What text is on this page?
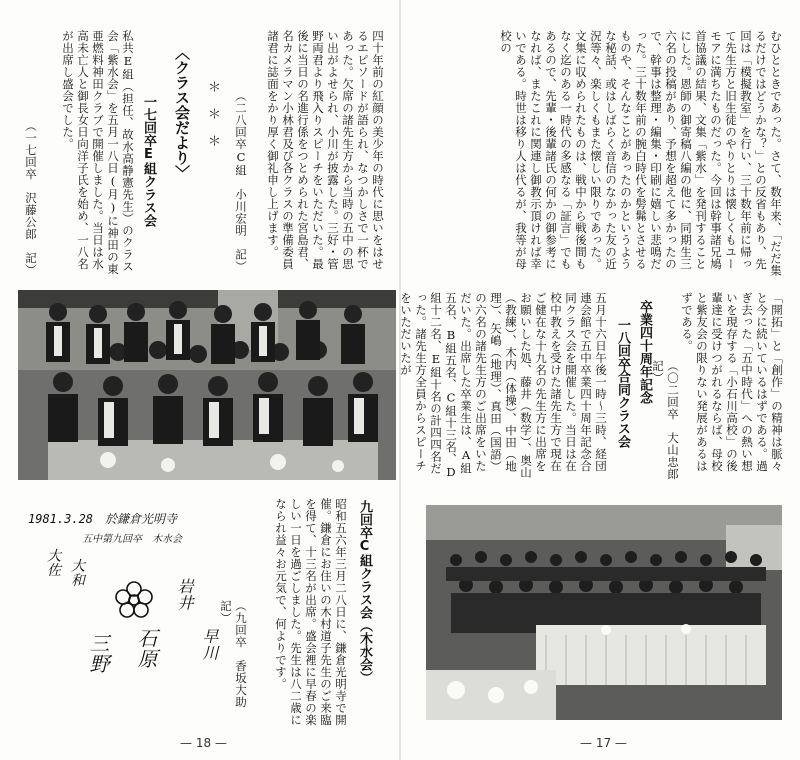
四十年前の紅顔の美少年の時代に思いをはせるエピソードが語られ、なつかしさで一杯であった。欠席の諸先生方から当時の五中の思い出がよせられ、小川が披露した。三好・管野両君より飛入りスピーチをいただいた。最後に当日の名進行係をつとめられた宮島君、名カメラマン小林君及び各クラスの準備委員諸君に誌面をかり厚く御礼申し上げます。
（二八回卒C組　小川宏明　記）
＊　＊　＊
〈クラス会だより〉
一七回卒E組クラス会
私共E組（担任、故水高静憲先生）のクラス会「紫水会」を五月一八日(月)に神田の東亜燃料神田クラブで開催しました。当日は水高未亡人と御長女日向洋子氏を始め、一八名が出席し盛会でした。
（一七回卒　沢藤公郎　記）
1981.3.28　於鎌倉光明寺
五中第九回卒　木水会
石原
三野
大佐 大和
岩井
早川	九回卒C組クラス会（木水会）
昭和五六年三月二八日に、鎌倉光明寺で開催。鎌倉にお住いの木村道子先生のご来臨を得て、十三名が出席。盛会裡に早春の楽しい一日を過ごしました。先生は八二歳になられ益々お元気で、何よりです。
（九回卒　香坂大助　記）
— 18 —
むひとときであった。さて、数年来、「だだ集るだけではどうかな？」との反省もあり、先回は「模擬教室」を行い、三十数年前に帰って先生方と旧生徒のやりとりは懐しくもユーモアに満ちたものだった。今回は幹事諸兄鳩首協議の結果、文集「紫水」を発刊することにした。恩師の御寄稿八編の他に、同期生三六名の投稿があり、予想を超えて多かったので、幹事は整理・編集・印刷に嬉しい悲鳴だった。三十数年前の腕白時代を髣髴とさせるものや、そんなことがあったのかというような秘話、或はしばらく音信のなかった友の近況等々、楽しくもまた懐しい限りであった。文集に収められたものは、戦中から戦後間もなく迄のある一時代の多感なる「証言」でもあるので、先輩・後輩諸氏の何かの御参考になれば、またこれに関連し御教示頂ければ幸いである。時世は移り人は代るが、我等が母校の
「開拓」と「創作」の精神は脈々と今に続いているはずである。過ぎ去った「五中時代」への熱い想いを現存する「小石川高校」の後輩達に受けつがれるならば、母校と紫友会の限りない発展があるはずである。
（〇二回卒　大山忠郎　記）
卒業四十周年記念
一八回卒合同クラス会
五月十六日午後一時〜三時、経団連会館で五中卒業四十周年記念合同クラス会を開催した。当日は在校中教えを受けた諸先生方で現在ご健在な十九名の先生方に出席をお願いした処、藤井（数学）、奥山（教練）、木内（体操）、中田（地理）、矢嶋（地理）、真田（国語）の六名の諸先生方のご出席をいただいた。出席した卒業生は、A組五名、B組五名、C組十三名、D組十二名、E組十名の計四四名だった。諸先生方全員からスピーチをいただいたが
— 17 —
